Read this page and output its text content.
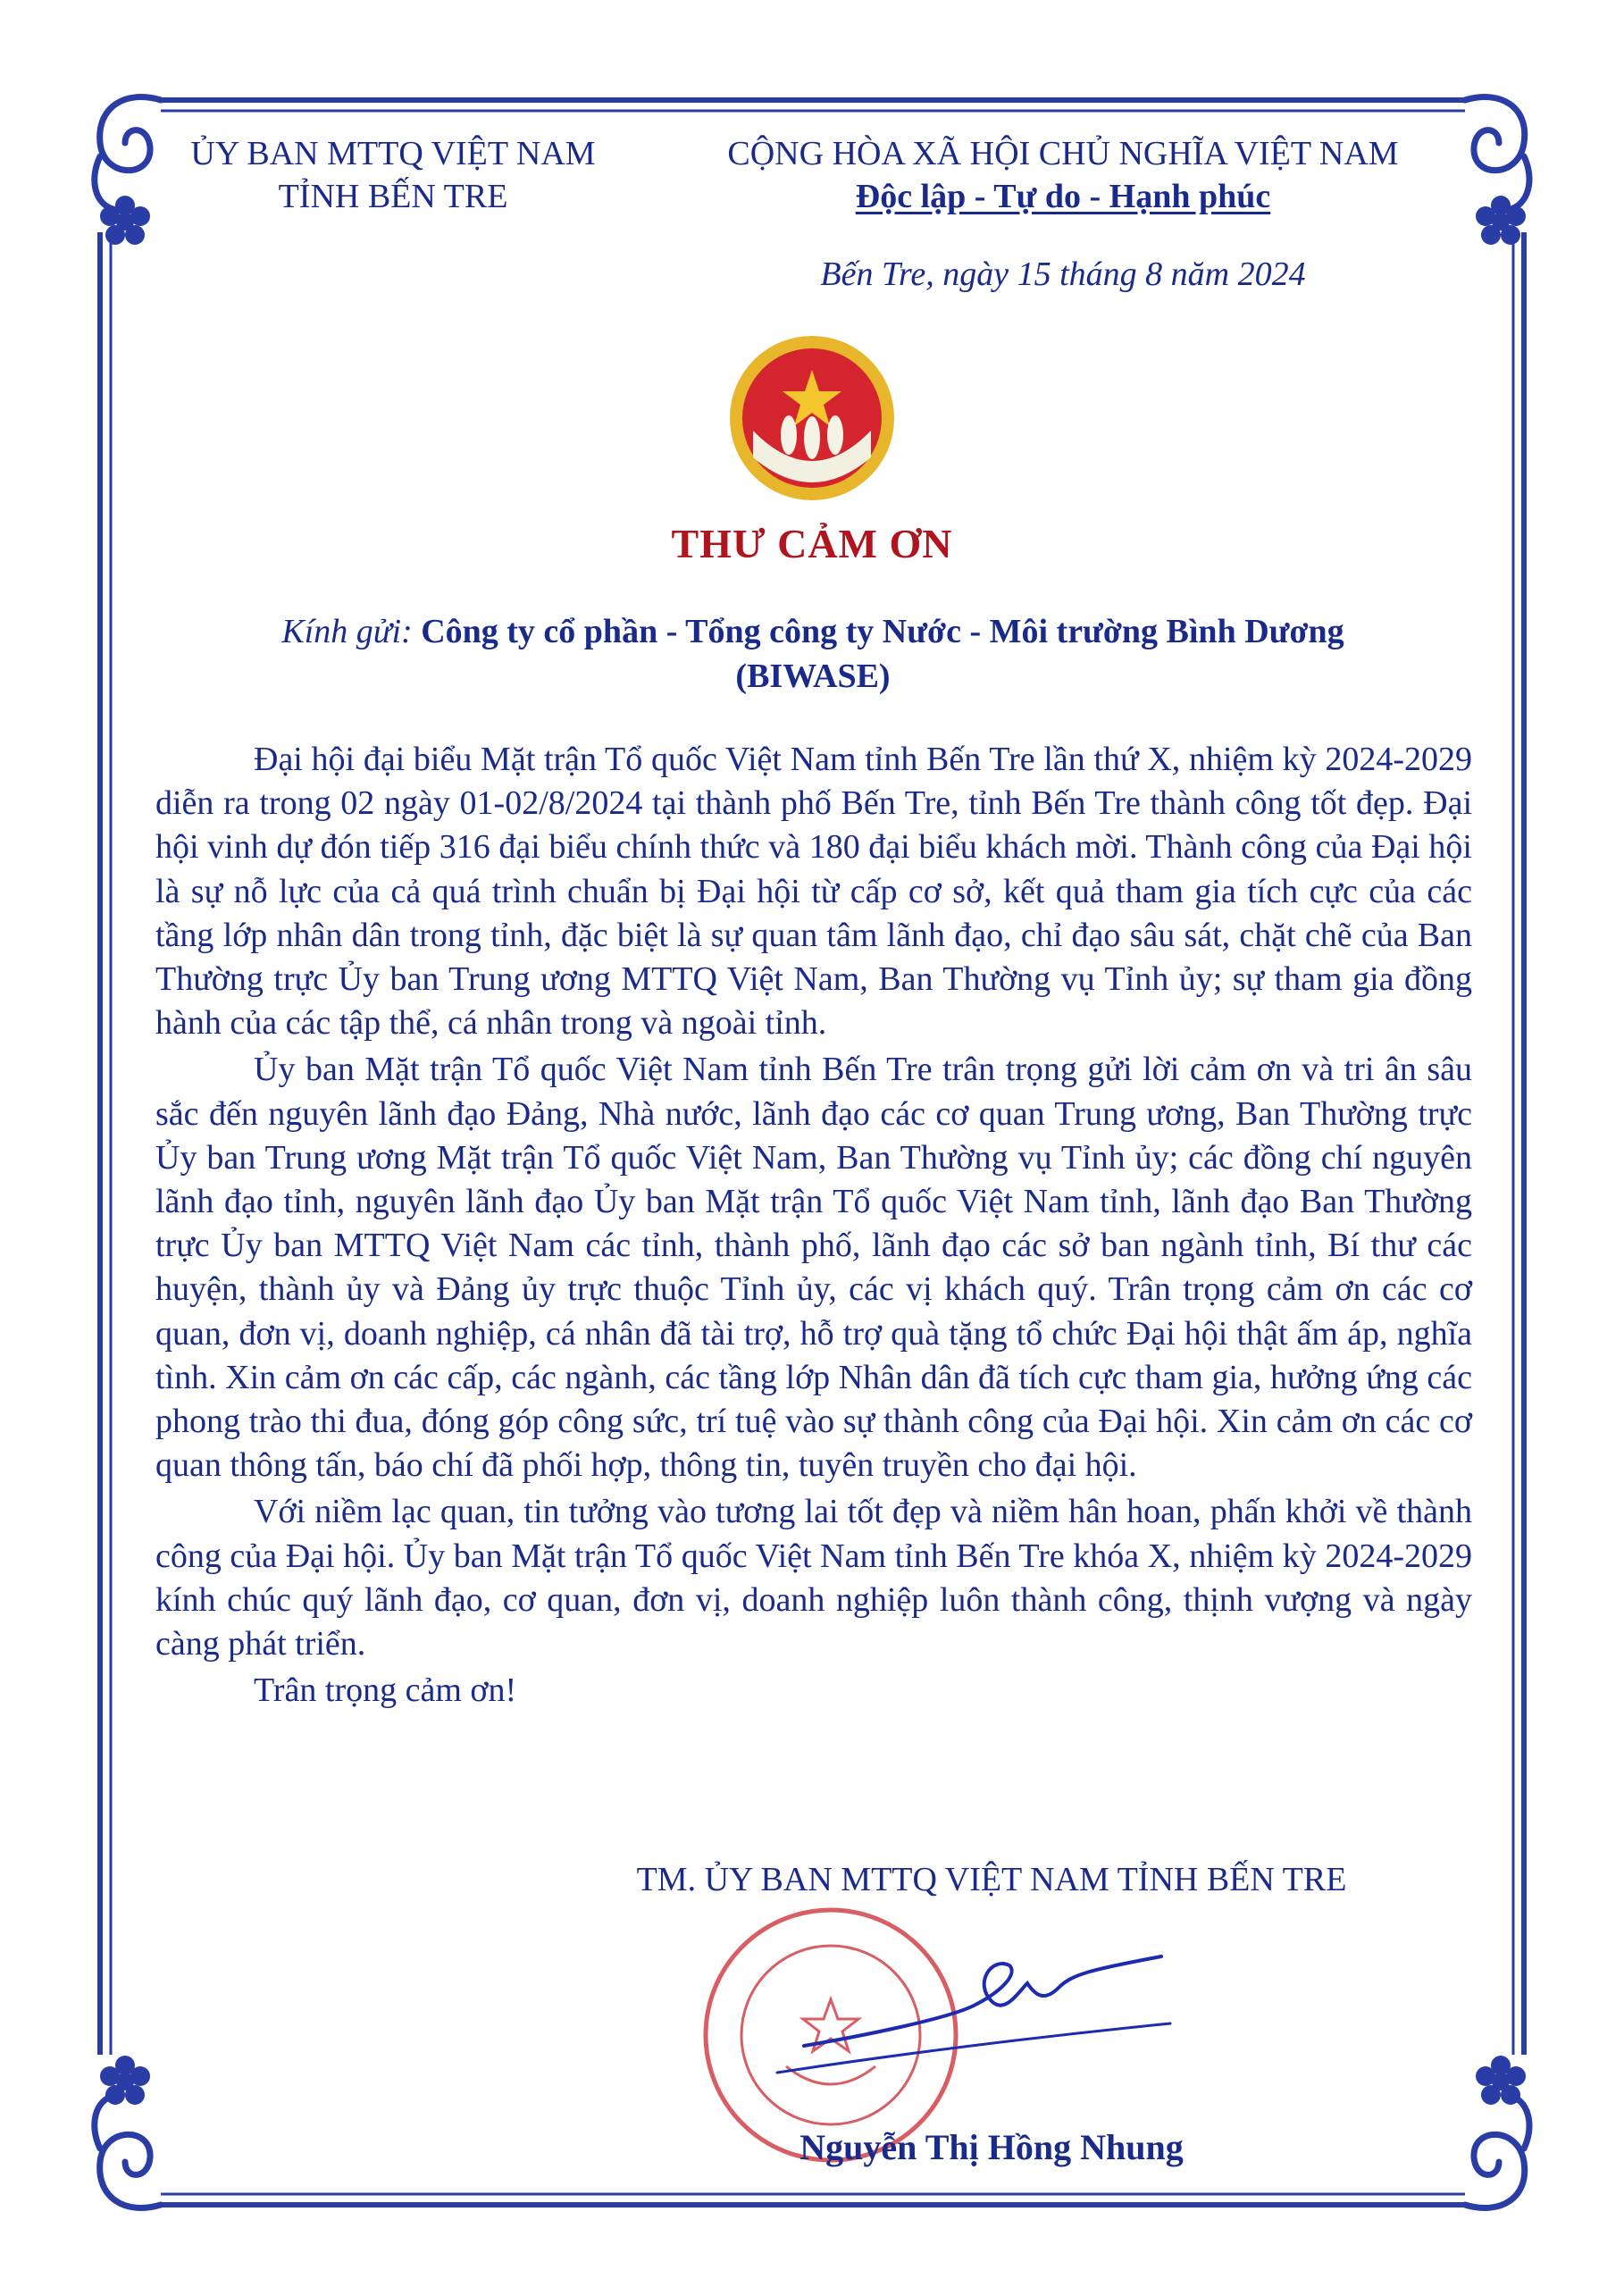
ỦY BAN MTTQ VIỆT NAM
TỈNH BẾN TRE
CỘNG HÒA XÃ HỘI CHỦ NGHĨA VIỆT NAM
Độc lập - Tự do - Hạnh phúc
Bến Tre, ngày 15 tháng 8 năm 2024
THƯ CẢM ƠN
Kính gửi: Công ty cổ phần - Tổng công ty Nước - Môi trường Bình Dương
(BIWASE)

Đại hội đại biểu Mặt trận Tổ quốc Việt Nam tỉnh Bến Tre lần thứ X, nhiệm kỳ 2024-2029 diễn ra trong 02 ngày 01-02/8/2024 tại thành phố Bến Tre, tỉnh Bến Tre thành công tốt đẹp. Đại hội vinh dự đón tiếp 316 đại biểu chính thức và 180 đại biểu khách mời. Thành công của Đại hội là sự nỗ lực của cả quá trình chuẩn bị Đại hội từ cấp cơ sở, kết quả tham gia tích cực của các tầng lớp nhân dân trong tỉnh, đặc biệt là sự quan tâm lãnh đạo, chỉ đạo sâu sát, chặt chẽ của Ban Thường trực Ủy ban Trung ương MTTQ Việt Nam, Ban Thường vụ Tỉnh ủy; sự tham gia đồng hành của các tập thể, cá nhân trong và ngoài tỉnh.

Ủy ban Mặt trận Tổ quốc Việt Nam tỉnh Bến Tre trân trọng gửi lời cảm ơn và tri ân sâu sắc đến nguyên lãnh đạo Đảng, Nhà nước, lãnh đạo các cơ quan Trung ương, Ban Thường trực Ủy ban Trung ương Mặt trận Tổ quốc Việt Nam, Ban Thường vụ Tỉnh ủy; các đồng chí nguyên lãnh đạo tỉnh, nguyên lãnh đạo Ủy ban Mặt trận Tổ quốc Việt Nam tỉnh, lãnh đạo Ban Thường trực Ủy ban MTTQ Việt Nam các tỉnh, thành phố, lãnh đạo các sở ban ngành tỉnh, Bí thư các huyện, thành ủy và Đảng ủy trực thuộc Tỉnh ủy, các vị khách quý. Trân trọng cảm ơn các cơ quan, đơn vị, doanh nghiệp, cá nhân đã tài trợ, hỗ trợ quà tặng tổ chức Đại hội thật ấm áp, nghĩa tình. Xin cảm ơn các cấp, các ngành, các tầng lớp Nhân dân đã tích cực tham gia, hưởng ứng các phong trào thi đua, đóng góp công sức, trí tuệ vào sự thành công của Đại hội. Xin cảm ơn các cơ quan thông tấn, báo chí đã phối hợp, thông tin, tuyên truyền cho đại hội.

Với niềm lạc quan, tin tưởng vào tương lai tốt đẹp và niềm hân hoan, phấn khởi về thành công của Đại hội. Ủy ban Mặt trận Tổ quốc Việt Nam tỉnh Bến Tre khóa X, nhiệm kỳ 2024-2029 kính chúc quý lãnh đạo, cơ quan, đơn vị, doanh nghiệp luôn thành công, thịnh vượng và ngày càng phát triển.

Trân trọng cảm ơn!

TM. ỦY BAN MTTQ VIỆT NAM TỈNH BẾN TRE
Nguyễn Thị Hồng Nhung
